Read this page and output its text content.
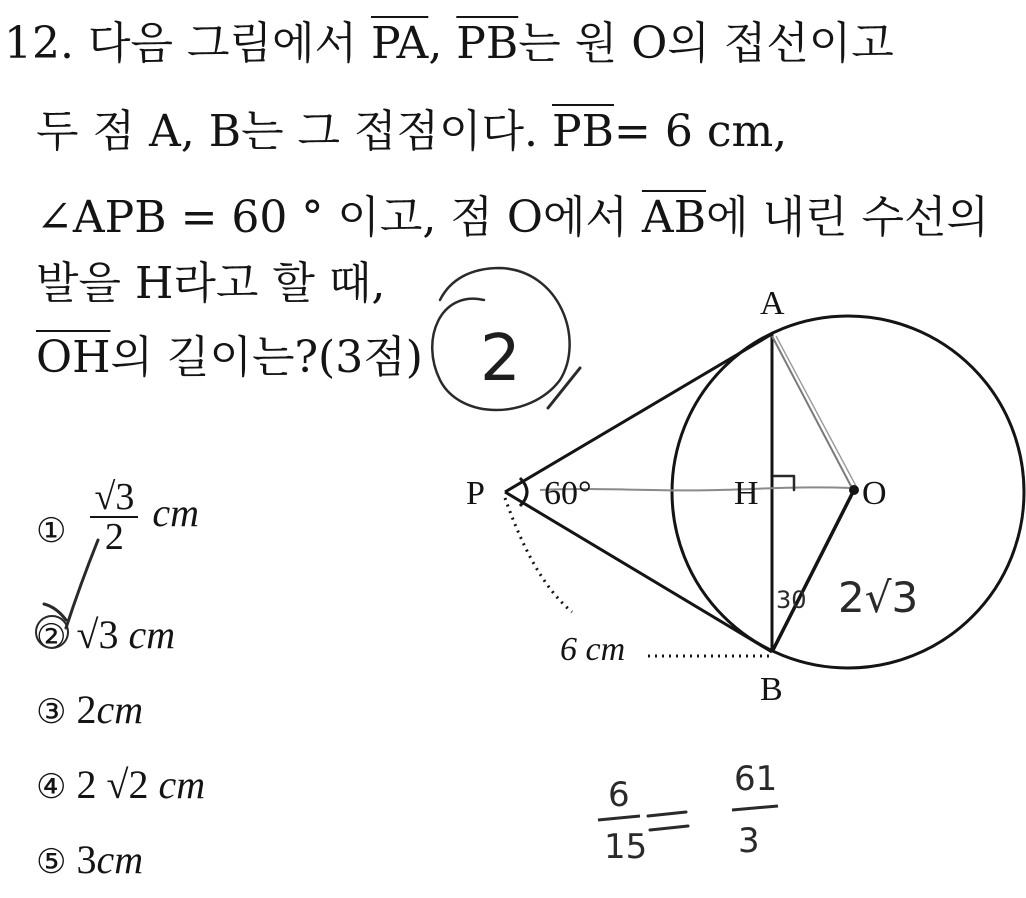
12. 다음 그림에서 $\overline{PA}$, $\overline{PB}$는 원 O의 접선이고
두 점 A, B는 그 접점이다. $\overline{PB}= 6$ cm,
∠APB = 60 ° 이고, 점 O에서 $\overline{AB}$에 내린 수선의
발을 H라고 할 때,
$\overline{OH}$의 길이는?(3점)
$_① \frac{√3}{2}$ cm
② √3 cm
③ 2cm
④ 2 √2 cm
⑤ 3cm
A
B
P	H	O
60°
6 cm
2
30 2√3
6
15
61
3
